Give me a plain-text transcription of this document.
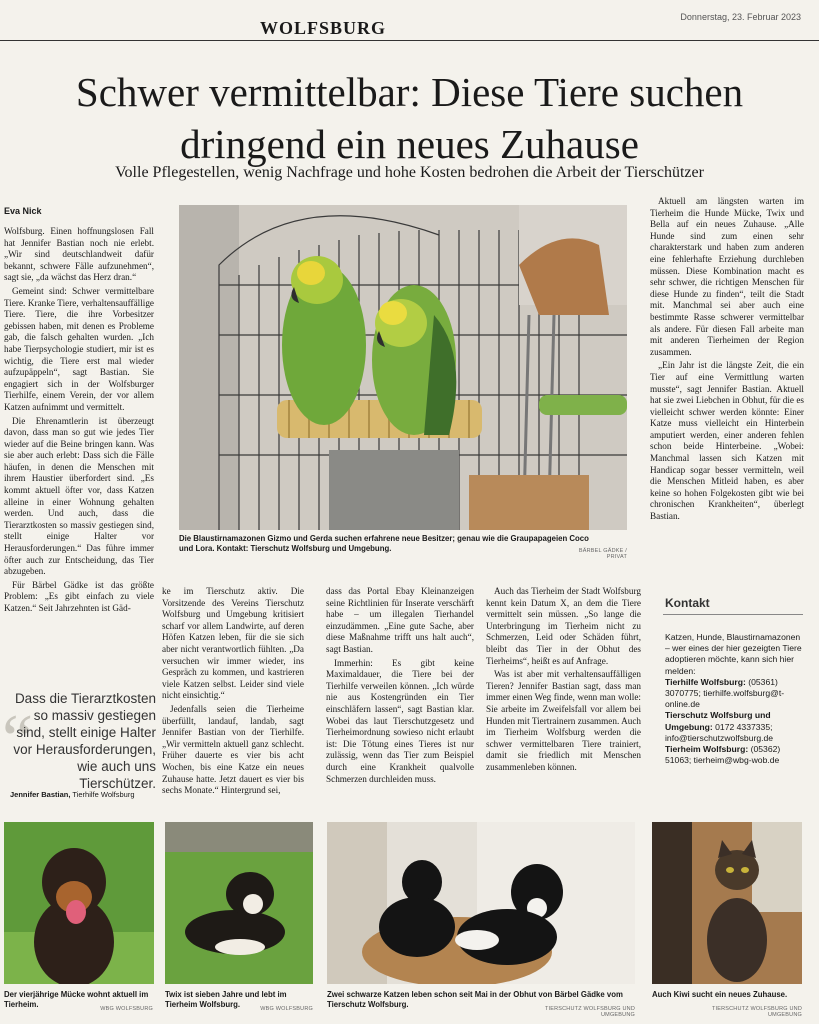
WOLFSBURG
Donnerstag, 23. Februar 2023
Schwer vermittelbar: Diese Tiere suchen
dringend ein neues Zuhause
Volle Pflegestellen, wenig Nachfrage und hohe Kosten bedrohen die Arbeit der Tierschützer
Eva Nick

Wolfsburg. Einen hoffnungslosen Fall hat Jennifer Bastian noch nie erlebt. „Wir sind deutschlandweit dafür bekannt, schwere Fälle aufzunehmen“, sagt sie, „da wächst das Herz dran.“

Gemeint sind: Schwer vermittelbare Tiere. Kranke Tiere, verhaltensauffällige Tiere. Tiere, die ihre Vorbesitzer gebissen haben, mit denen es Probleme gab, die falsch gehalten wurden. „Ich habe Tierpsychologie studiert, mir ist es wichtig, die Tiere erst mal wieder aufzupäppeln“, sagt Bastian. Sie engagiert sich in der Wolfsburger Tierhilfe, einem Verein, der vor allem Katzen aufnimmt und vermittelt.

Die Ehrenamtlerin ist überzeugt davon, dass man so gut wie jedes Tier wieder auf die Beine bringen kann. Was sie aber auch erlebt: Dass sich die Fälle häufen, in denen die Menschen mit ihrem Haustier überfordert sind. „Es kommt aktuell öfter vor, dass Katzen alleine in einer Wohnung gehalten werden. Und auch, dass die Tierarztkosten so massiv gestiegen sind, stellt einige Halter vor Herausforderungen.“ Das führe immer öfter auch zur Entscheidung, das Tier abzugeben.

Für Bärbel Gädke ist das größte Problem: „Es gibt einfach zu viele Katzen.“ Seit Jahrzehnten ist Gäd-

“
Dass die Tierarztkosten so massiv gestiegen sind, stellt einige Halter vor Herausforderungen, wie auch uns Tierschützer.
Jennifer Bastian, Tierhilfe Wolfsburg
Die Blaustirnamazonen Gizmo und Gerda suchen erfahrene neue Besitzer; genau wie die Graupapageien Coco und Lora. Kontakt: Tierschutz Wolfsburg und Umgebung.	BÄRBEL GÄDKE / PRIVAT

ke im Tierschutz aktiv. Die Vorsitzende des Vereins Tierschutz Wolfsburg und Umgebung kritisiert scharf vor allem Landwirte, auf deren Höfen Katzen leben, für die sie sich aber nicht verantwortlich fühlten. „Da versuchen wir immer wieder, ins Gespräch zu kommen, und kastrieren viele Katzen selbst. Leider sind viele nicht einsichtig.“

Jedenfalls seien die Tierheime überfüllt, landauf, landab, sagt Jennifer Bastian von der Tierhilfe. „Wir vermitteln aktuell ganz schlecht. Früher dauerte es vier bis acht Wochen, bis eine Katze ein neues Zuhause hatte. Jetzt dauert es vier bis sechs Monate.“ Hintergrund sei,

dass das Portal Ebay Kleinanzeigen seine Richtlinien für Inserate verschärft habe – um illegalen Tierhandel einzudämmen. „Eine gute Sache, aber diese Maßnahme trifft uns halt auch“, sagt Bastian.

Immerhin: Es gibt keine Maximaldauer, die Tiere bei der Tierhilfe verweilen können. „Ich würde nie aus Kostengründen ein Tier einschläfern lassen“, sagt Bastian klar. Wobei das laut Tierschutzgesetz und Tierheimordnung sowieso nicht erlaubt ist: Die Tötung eines Tieres ist nur zulässig, wenn das Tier zum Beispiel durch eine Krankheit qualvolle Schmerzen durchleiden muss.

Auch das Tierheim der Stadt Wolfsburg kennt kein Datum X, an dem die Tiere vermittelt sein müssen. „So lange die Unterbringung im Tierheim nicht zu Schmerzen, Leid oder Schäden führt, bleibt das Tier in der Obhut des Tierheims“, heißt es auf Anfrage.

Was ist aber mit verhaltensauffälligen Tieren? Jennifer Bastian sagt, dass man immer einen Weg finde, wenn man wolle: Sie arbeite im Zweifelsfall vor allem bei Hunden mit Tiertrainern zusammen. Auch im Tierheim Wolfsburg werden die schwer vermittelbaren Tiere trainiert, damit sie friedlich mit Menschen zusammenleben können.

Aktuell am längsten warten im Tierheim die Hunde Mücke, Twix und Bella auf ein neues Zuhause. „Alle Hunde sind zum einen sehr charakterstark und haben zum anderen eine fehlerhafte Erziehung durchleben müssen. Diese Kombination macht es sehr schwer, die richtigen Menschen für diese Hunde zu finden“, teilt die Stadt mit. Manchmal sei aber auch eine bestimmte Rasse schwerer vermittelbar als andere. Für diesen Fall arbeite man mit anderen Tierheimen der Region zusammen.

„Ein Jahr ist die längste Zeit, die ein Tier auf eine Vermittlung warten musste“, sagt Jennifer Bastian. Aktuell hat sie zwei Liebchen in Obhut, für die es vielleicht schwer werden könnte: Einer Katze muss vielleicht ein Hinterbein amputiert werden, einer anderen fehlen schon beide Hinterbeine. „Wobei: Manchmal lassen sich Katzen mit Handicap sogar besser vermitteln, weil die Menschen Mitleid haben, es aber keine so hohen Folgekosten gibt wie bei chronischen Krankheiten“, überlegt Bastian.

Kontakt
Katzen, Hunde, Blaustirnamazonen – wer eines der hier gezeigten Tiere adoptieren möchte, kann sich hier melden:
Tierhilfe Wolfsburg: (05361) 3070775; tierhilfe.wolfsburg@t-online.de
Tierschutz Wolfsburg und Umgebung: 0172 4337335; info@tierschutzwolfsburg.de
Tierheim Wolfsburg: (05362) 51063; tierheim@wbg-wob.de
Der vierjährige Mücke wohnt aktuell im Tierheim.	WBG WOLFSBURG
Twix ist sieben Jahre und lebt im Tierheim Wolfsburg.	WBG WOLFSBURG
Zwei schwarze Katzen leben schon seit Mai in der Obhut von Bärbel Gädke vom Tierschutz Wolfsburg.	TIERSCHUTZ WOLFSBURG UND UMGEBUNG
Auch Kiwi sucht ein neues Zuhause.
TIERSCHUTZ WOLFSBURG UND UMGEBUNG
